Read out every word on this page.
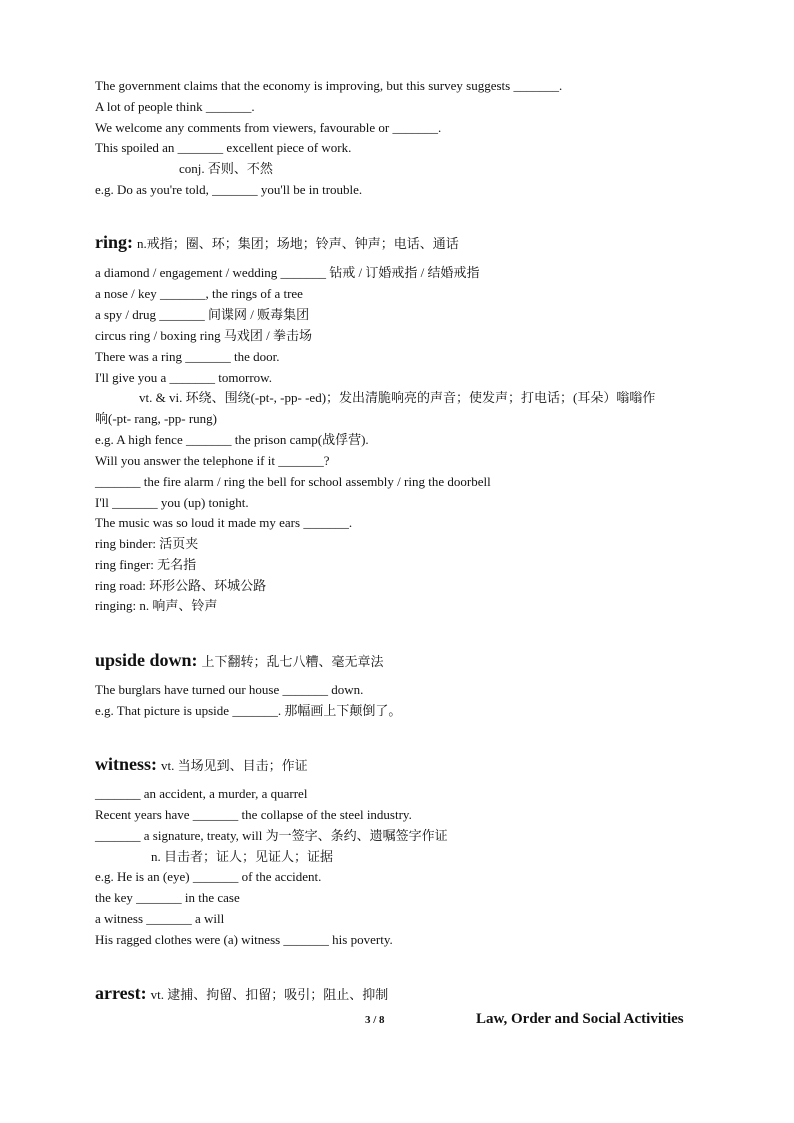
The government claims that the economy is improving, but this survey suggests _______.
A lot of people think _______.
We welcome any comments from viewers, favourable or _______.
This spoiled an _______ excellent piece of work.
conj. 否则、不然
e.g. Do as you're told, _______ you'll be in trouble.
ring: n.戒指；圈、环；集团；场地；铃声、钟声；电话、通话
a diamond / engagement / wedding _______ 钻戒 / 订婚戒指 / 结婚戒指
a nose / key _______, the rings of a tree
a spy / drug _______ 间谍网 / 贩毒集团
circus ring / boxing ring 马戏团 / 拳击场
There was a ring _______ the door.
I'll give you a _______ tomorrow.
vt. & vi. 环绕、围绕(-pt-, -pp- -ed)；发出清脆响亮的声音；使发声；打电话；(耳朵）嗡嗡作
响(-pt- rang, -pp- rung)
e.g. A high fence _______ the prison camp(战俘营).
Will you answer the telephone if it _______?
_______ the fire alarm / ring the bell for school assembly / ring the doorbell
I'll _______ you (up) tonight.
The music was so loud it made my ears _______.
ring binder: 活页夹
ring finger: 无名指
ring road: 环形公路、环城公路
ringing: n. 响声、铃声
upside down: 上下翻转；乱七八糟、毫无章法
The burglars have turned our house _______ down.
e.g. That picture is upside _______. 那幅画上下颠倒了。
witness: vt. 当场见到、目击；作证
_______ an accident, a murder, a quarrel
Recent years have _______ the collapse of the steel industry.
_______ a signature, treaty, will 为一签字、条约、遗嘱签字作证
n. 目击者；证人；见证人；证据
e.g. He is an (eye) _______ of the accident.
the key _______ in the case
a witness _______ a will
His ragged clothes were (a) witness _______ his poverty.
arrest: vt. 逮捕、拘留、扣留；吸引；阻止、抑制
3 / 8	Law, Order and Social Activities
